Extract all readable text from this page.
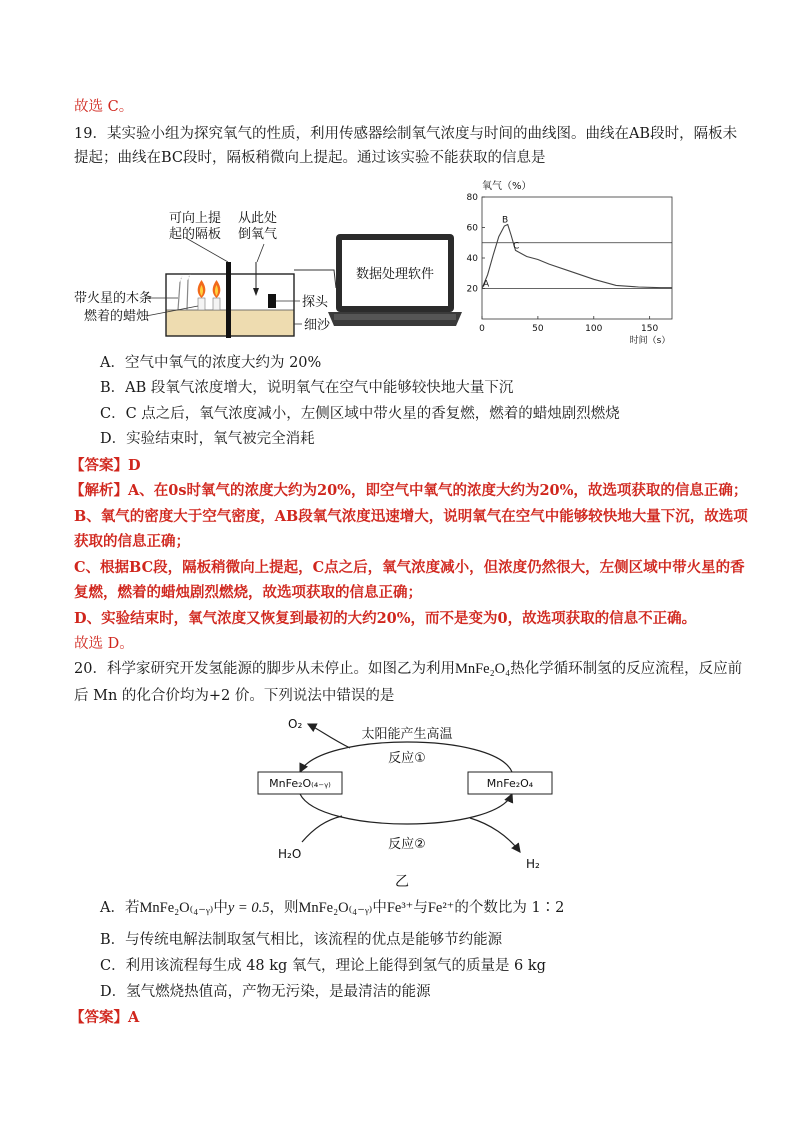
故选 C。
19．某实验小组为探究氧气的性质，利用传感器绘制氧气浓度与时间的曲线图。曲线在AB段时，隔板未
提起；曲线在BC段时，隔板稍微向上提起。通过该实验不能获取的信息是
可向上提
起的隔板
从此处
倒氧气
带火星的木条
燃着的蜡烛
探头
细沙
数据处理软件
20
40
60
80
0	50	100	150
A
B
C
氧气（%）
时间（s）
A．空气中氧气的浓度大约为 20%
B．AB 段氧气浓度增大，说明氧气在空气中能够较快地大量下沉
C．C 点之后，氧气浓度减小，左侧区域中带火星的香复燃，燃着的蜡烛剧烈燃烧
D．实验结束时，氧气被完全消耗
【答案】D
【解析】A、在0s时氧气的浓度大约为20%，即空气中氧气的浓度大约为20%，故选项获取的信息正确；
B、氧气的密度大于空气密度，AB段氧气浓度迅速增大，说明氧气在空气中能够较快地大量下沉，故选项
获取的信息正确；
C、根据BC段，隔板稍微向上提起，C点之后，氧气浓度减小，但浓度仍然很大，左侧区域中带火星的香
复燃，燃着的蜡烛剧烈燃烧，故选项获取的信息正确；
D、实验结束时，氧气浓度又恢复到最初的大约20%，而不是变为0，故选项获取的信息不正确。
故选 D。
20．科学家研究开发氢能源的脚步从未停止。如图乙为利用MnFe₂O₄热化学循环制氢的反应流程，反应前
后 Mn 的化合价均为+2 价。下列说法中错误的是
MnFe₂O₍₄₋ᵧ₎	MnFe₂O₄
O₂
太阳能产生高温
反应①
反应②
H₂O
H₂
乙
A．若MnFe₂O₍₄₋ᵧ₎中y = 0.5，则MnFe₂O₍₄₋ᵧ₎中Fe³⁺与Fe²⁺的个数比为 1∶2
B．与传统电解法制取氢气相比，该流程的优点是能够节约能源
C．利用该流程每生成 48 kg 氧气，理论上能得到氢气的质量是 6 kg
D．氢气燃烧热值高，产物无污染，是最清洁的能源
【答案】A
